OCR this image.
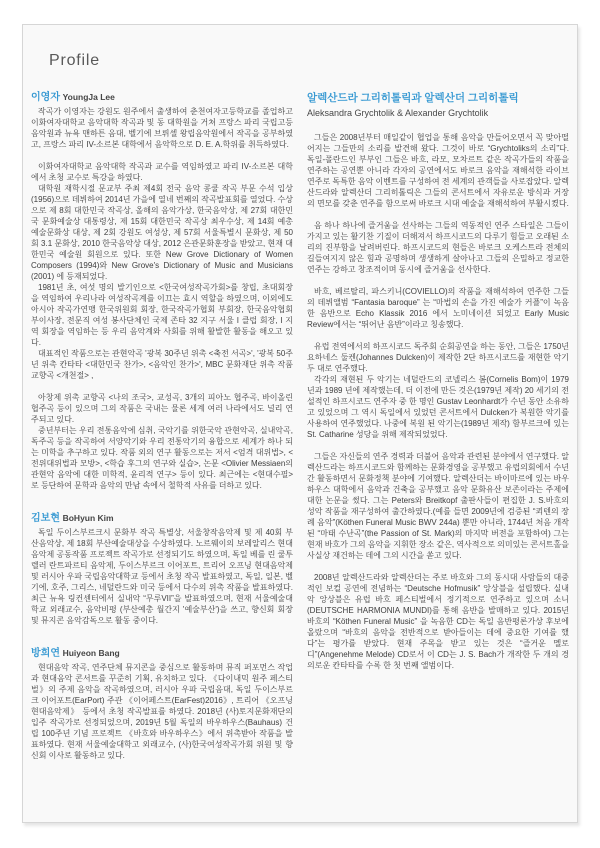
Profile
이영자 YoungJa Lee

작곡가 이영자는 강원도 원주에서 출생하여 춘천여자고등학교를 졸업하고 이화여자대학교 음악대학 작곡과 및 동 대학원을 거쳐 프랑스 파리 국립고등음악원과 뉴욕 맨하튼 음대, 벨기에 브뤼셀 왕립음악원에서 작곡을 공부하였고, 프랑스 파리 IV-소르본 대학에서 음악학으로 D. E. A.학위를 취득하였다.

이화여자대학교 음악대학 작곡과 교수를 역임하였고 파리 IV-소르본 대학에서 초청 교수로 특강을 하였다.

대학원 재학시절 문교부 주최 제4회 전국 음악 콩쿨 작곡 부문 수석 입상(1956)으로 데뷔하여 2014년 가을에 열네 번째의 작곡발표회를 열었다. 수상으로 제 8회 대한민국 작곡상, 올해의 음악가상, 한국음악상, 제 27회 대한민국 문화예술상 대통령상, 제 15회 대한민국 작곡상 최우수상, 제 14회 예총 예술문화상 대상, 제 2회 강원도 여성상, 제 57회 서울특별시 문화상, 제 50회 3.1 문화상, 2010 한국음악상 대상, 2012 은관문화훈장을 받았고, 현재 대한민국 예술원 회원으로 있다. 또한 New Grove Dictionary of Women Composers (1994)와 New Grove's Dictionary of Music and Musicians (2001) 에 등재되었다.

1981년 초, 여섯 명의 발기인으로 <한국여성작곡가회>를 창립, 초대회장을 역임하여 우리나라 여성작곡계를 이끄는 효시 역할을 하였으며, 이외에도 아시아 작곡가연맹 한국위원회 회장, 한국작곡가협회 부회장, 한국음악협회 부이사장, 전문직 여성 봉사단체인 국제 존타 32 지구 서울 I 클럽 회장, I 지역 회장을 역임하는 등 우리 음악계와 사회를 위해 활발한 활동을 해오고 있다.

대표적인 작품으로는 관현악곡 '광복 30주년 위촉 <축전 서곡>', '광복 50주년 위촉 칸타타 <대한민국 찬가>, <음악인 찬가>', MBC 문화재단 위촉 작품 교향곡 <개천절> ,

아창제 위촉 교향곡 <나의 조국>, 교성곡, 3개의 피아노 협주곡, 바이올린 협주곡 등이 있으며 그의 작품은 국내는 물론 세계 여러 나라에서도 널리 연주되고 있다.

중년부터는 우리 전통음악에 심취, 국악기를 위한국악 관현악곡, 실내악곡, 독주곡 등을 작곡하여 서양악기와 우리 전통악기의 융합으로 세계가 하나 되는 미학을 추구하고 있다. 작품 외의 연구 활동으로는 저서 <엄격 대위법>, <전위대위법과 모방>, <학습 후그의 연구와 실습>, 논문 <Olivier Messiaen의 관현악 음악에 대한 미학적, 윤리적 연구> 등이 있다. 최근에는 <현대수필>로 등단하여 문학과 음악의 만남 속에서 철학적 사유를 더하고 있다.

김보현 BoHyun Kim

독일 두이스부르크시 문화부 작곡 특별상, 서울창작음악제 및 제 40회 부산음악상, 제 18회 부산예술대상을 수상하였다. 노르웨이의 보레알리스 현대음악제 공동작품 프로젝트 작곡가로 선정되기도 하였으며, 독일 베를 린 쿨투렐러 란트파르티 음악제, 두이스부르크 이어포트, 트리어 오프닝 현대음악제 및 러시아 우파 국립음악대학교 등에서 초청 작곡 발표하였고, 독일, 일본, 벨기에, 호주, 그리스, 네덜란드와 미국 등에서 다수의 위촉 작품을 발표하였다. 최근 뉴욕 링컨센터에서 실내악 “무루VII”을 발표하였으며, 현재 서울예술대학교 외래교수, 음악비평 (부산예총 월간지 '예술부산')을 쓰고, 향신회 회장 및 뮤지콘 음악감독으로 활동 중이다.

방희연 Huiyeon Bang

현대음악 작곡, 연주단체 뮤지콘을 중심으로 활동하며 뮤직 퍼포먼스 작업과 현대음악 콘서트를 꾸준히 기획, 유치하고 있다. 《다이내믹 원주 페스티벌》의 주제 음악을 작곡하였으며, 러시아 우파 국립음대, 독일 두이스부르크 이어포트(EarPort) 주관 《이어페스트(EarFest)2016》, 트리어 《오프닝 현대음악제》 등에서 초청 작곡발표를 하였다. 2018년 (사)토지문화재단의 입주 작곡가로 선정되었으며, 2019년 5월 독일의 바우하우스(Bauhaus) 건립 100주년 기념 프로젝트 《바흐와 바우하우스》에서 위촉받아 작품을 발표하였다. 현재 서울예술대학고 외래교수, (사)한국여성작곡가회 위원 및 향신회 이사로 활동하고 있다.

알렉산드라 그리히톨릭과 알렉산더 그리히톨릭
Aleksandra Grychtolik & Alexander Grychtolik

그들은 2008년부터 매일같이 협업을 통해 음악을 만들어오면서 꼭 맞아떨어지는 그들만의 소리를 발견해 왔다. 그것이 바로 “Grychtoliks의 소리”다. 독일-폴란드인 부부인 그들은 바흐, 라모, 모차르트 같은 작곡가들의 작품을 연주하는 공연뿐 아니라 각자의 공연에서도 바로크 음악을 재해석한 라이브 연주로 독특한 음악 이벤트를 구성하여 전 세계의 관객들을 사로잡았다. 알렉산드라와 알렉산더 그리히톨릭은 그들의 콘서트에서 자유로운 방식과 거장의 면모를 갖춘 연주를 함으로써 바로크 시대 예술을 재해석하여 부활시켰다.

음 하나 하나에 즐거움을 선사하는 그들의 역동적인 연주 스타일은 그들이 가지고 있는 활기찬 기질이 더해져서 하프시코드의 다루기 힘들고 오래된 소리의 진부함을 날려버린다. 하프시코드의 현들은 바로크 오케스트라 전체의 길들여지지 않은 힘과 공명하며 생생하게 살아나고 그들의 은밀하고 정교한 연주는 강하고 창조적이며 동시에 즐거움을 선사한다.

바흐, 베르탈리, 파스키니(COVIELLO)의 작품을 재해석하여 연주한 그들의 데뷔앨범 “Fantasia baroque” 는 “마법의 손을 가진 예술가 커플”이 녹음한 음반으로 Echo Klassik 2016 에서 노미네이션 되었고 Early Music Review에서는 “뛰어난 음반”이라고 칭송했다.

유럽 전역에서의 하프시코드 독주회 순회공연을 하는 동안, 그들은 1750년 요하네스 둘켄(Johannes Dulcken)이 제작한 2단 하프시코드를 재현한 악기 두 대로 연주했다.

각각의 재현된 두 악기는 네덜란드의 코넬리스 봄(Cornelis Bom)이 1979년과 1989 년에 제작했는데, 더 이전에 만든 것은(1979년 제작) 20 세기의 전설적인 하프시코드 연주자 중 한 명인 Gustav Leonhardt가 수년 동안 소유하고 있었으며 그 역시 독일에서 있었던 콘서트에서 Dulcken가 복원한 악기를 사용하여 연주했었다. 나중에 복원 된 악기는(1989년 제작) 함부르크에 있는 St. Catharine 성당을 위해 제작되었었다.

그들은 자신들의 연주 경력과 더불어 음악과 관련된 분야에서 연구했다. 알렉산드라는 하프시코드와 함께하는 문화경영을 공부했고 유럽의회에서 수년간 활동하면서 문화정책 분야에 기여했다. 알렉산더는 바이마르에 있는 바우하우스 대학에서 음악과 건축을 공부했고 음악 문화유산 보존이라는 주제에 대한 논문을 썼다. 그는 Peters와 Breitkopf 출판사들이 편집한 J. S.바흐의 성악 작품을 재구성하여 출간하였다.(예를 들면 2009년에 검증된 “쾨텐의 장례 음악”(Köthen Funeral Music BWV 244a) 뿐만 아니라, 1744년 처음 개작된 “마태 수난곡”(the Passion of St. Mark)의 마지막 버전을 포함하여) 그는 현재 바흐가 그의 음악을 지휘한 장소 같은, 역사적으로 의미있는 콘서트홀을 사실상 재건하는 데에 그의 시간을 쏟고 있다.

2008년 알렉산드라와 알렉산더는 주로 바흐와 그의 동시대 사람들의 대중적인 보컬 공연에 전념하는 “Deutsche Hofmusik” 앙상블을 설립했다. 실내악 앙상블은 유럽 바흐 페스티벌에서 정기적으로 연주하고 있으며 소니 (DEUTSCHE HARMONIA MUNDI)를 통해 음반을 발매하고 있다. 2015년 바흐의 “Köthen Funeral Music” 을 녹음한 CD는 독일 음반평론가상 후보에 올랐으며 “바흐의 음악을 전반적으로 받아들이는 데에 중요한 기여를 했다”는 평가를 받았다. 현재 주목을 받고 있는 것은 “즐거운 멜로디”(Angenehme Melode) CD로서 이 CD는 J. S. Bach가 개작한 두 개의 경의로운 칸타타를 수록 한 첫 번째 앨범이다.
